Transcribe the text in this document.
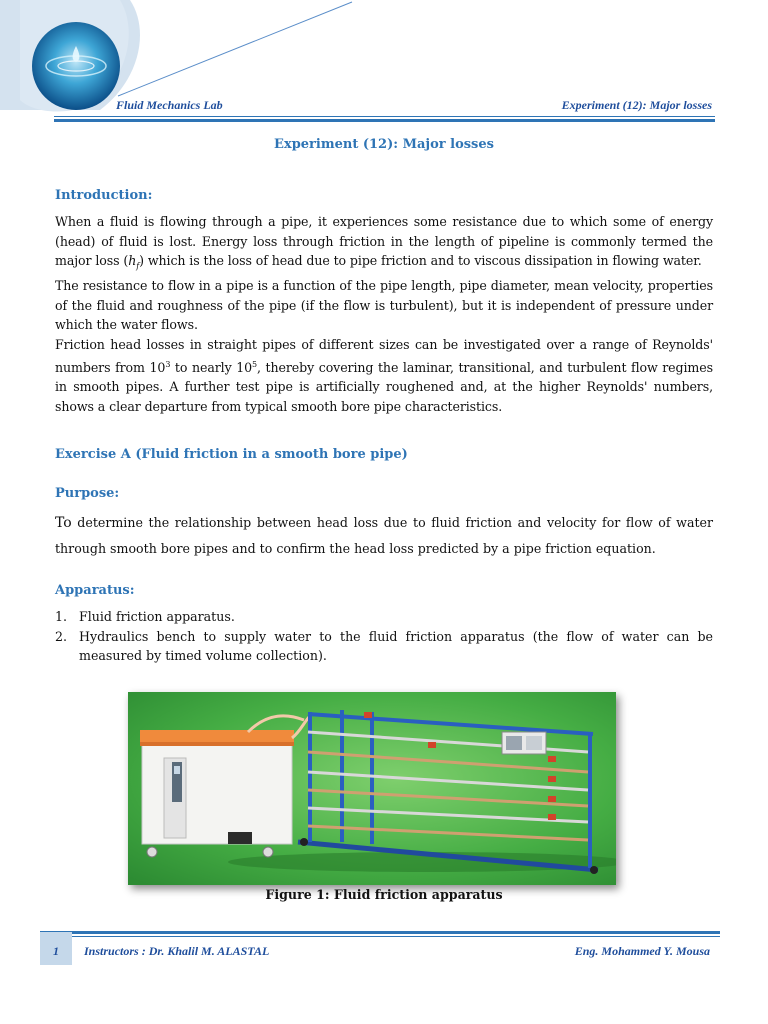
Fluid Mechanics Lab	Experiment (12): Major losses
Experiment (12): Major losses
Introduction:

When a fluid is flowing through a pipe, it experiences some resistance due to which some of energy (head) of fluid is lost. Energy loss through friction in the length of pipeline is commonly termed the major loss $(h_f)$ which is the loss of head due to pipe friction and to viscous dissipation in flowing water.

The resistance to flow in a pipe is a function of the pipe length, pipe diameter, mean velocity, properties of the fluid and roughness of the pipe (if the flow is turbulent), but it is independent of pressure under which the water flows.

Friction head losses in straight pipes of different sizes can be investigated over a range of Reynolds' numbers from $10^3$ to nearly $10^5$, thereby covering the laminar, transitional, and turbulent flow regimes in smooth pipes. A further test pipe is artificially roughened and, at the higher Reynolds' numbers, shows a clear departure from typical smooth bore pipe characteristics.

Exercise A (Fluid friction in a smooth bore pipe)
Purpose:
To determine the relationship between head loss due to fluid friction and velocity for flow of water through smooth bore pipes and to confirm the head loss predicted by a pipe friction equation.
Apparatus:
1. Fluid friction apparatus.
2. Hydraulics bench to supply water to the fluid friction apparatus (the flow of water can be measured by timed volume collection).
Figure 1: Fluid friction apparatus
1	Instructors : Dr. Khalil M. ALASTAL	Eng. Mohammed Y. Mousa
